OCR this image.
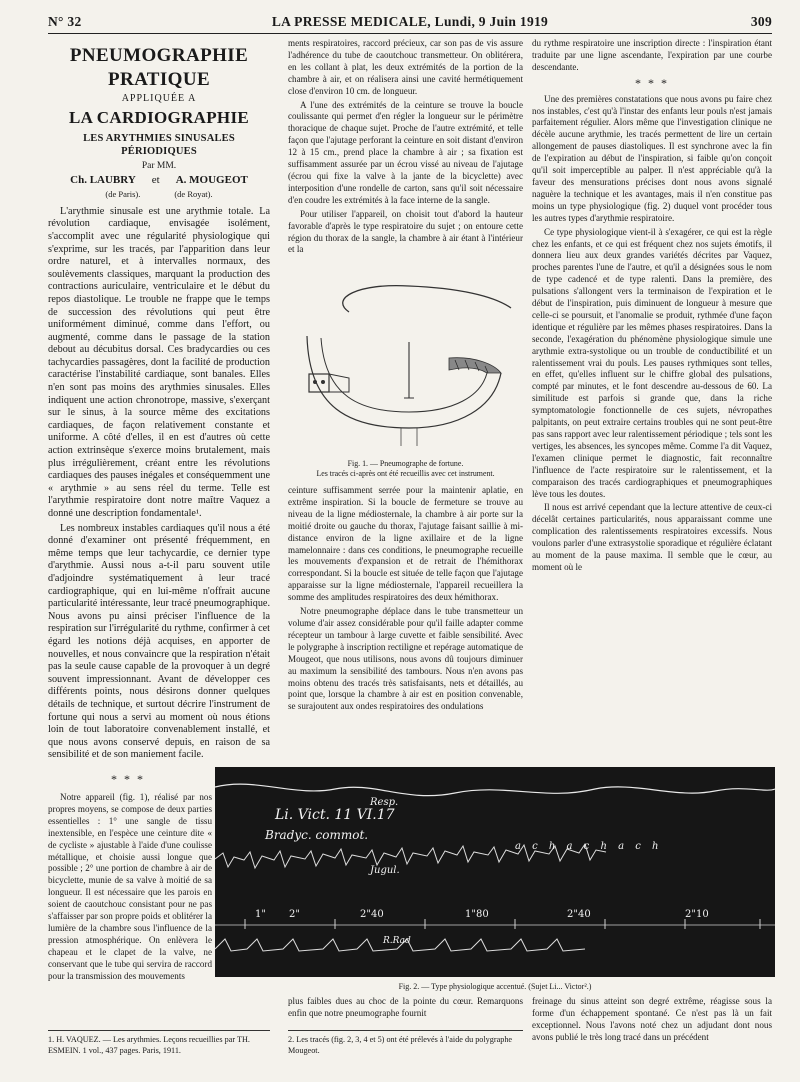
N° 32	LA PRESSE MEDICALE, Lundi, 9 Juin 1919	309
PNEUMOGRAPHIE PRATIQUE
APPLIQUÉE A
LA CARDIOGRAPHIE
LES ARYTHMIES SINUSALES PÉRIODIQUES
Par MM.
Ch. LAUBRY et A. MOUGEOT
(de Paris).	(de Royat).

L'arythmie sinusale est une arythmie totale. La révolution cardiaque, envisagée isolément, s'accomplit avec une régularité physiologique qui s'exprime, sur les tracés, par l'apparition dans leur ordre naturel, et à intervalles normaux, des soulèvements classiques, marquant la production des contractions auriculaire, ventriculaire et le début du repos diastolique. Le trouble ne frappe que le temps de succession des révolutions qui peut être uniformément diminué, comme dans l'effort, ou augmenté, comme dans le passage de la station debout au décubitus dorsal. Ces bradycardies ou ces tachycardies passagères, dont la facilité de production caractérise l'instabilité cardiaque, sont banales. Elles n'en sont pas moins des arythmies sinusales. Elles indiquent une action chronotrope, massive, s'exerçant sur le sinus, à la source même des excitations cardiaques, de façon relativement constante et uniforme. A côté d'elles, il en est d'autres où cette action extrinsèque s'exerce moins brutalement, mais plus irrégulièrement, créant entre les révolutions cardiaques des pauses inégales et conséquemment une « arythmie » au sens réel du terme. Telle est l'arythmie respiratoire dont notre maître Vaquez a donné une description fondamentale¹.

Les nombreux instables cardiaques qu'il nous a été donné d'examiner ont présenté fréquemment, en même temps que leur tachycardie, ce dernier type d'arythmie. Aussi nous a-t-il paru souvent utile d'adjoindre systématiquement à leur tracé cardiographique, qui en lui-même n'offrait aucune particularité intéressante, leur tracé pneumographique. Nous avons pu ainsi préciser l'influence de la respiration sur l'irrégularité du rythme, confirmer à cet égard les notions déjà acquises, en apporter de nouvelles, et nous convaincre que la respiration n'était pas la seule cause capable de la provoquer à un degré souvent impressionnant. Avant de développer ces différents points, nous désirons donner quelques détails de technique, et surtout décrire l'instrument de fortune qui nous a servi au moment où nous étions loin de tout laboratoire convenablement installé, et que nous avons conservé depuis, en raison de sa sensibilité et de son maniement facile.

* * *

Notre appareil (fig. 1), réalisé par nos propres moyens, se compose de deux parties essentielles : 1° une sangle de tissu inextensible, en l'espèce une ceinture dite « de cycliste » ajustable à l'aide d'une coulisse métallique, et choisie aussi longue que possible ; 2° une portion de chambre à air de bicyclette, munie de sa valve à moitié de sa longueur. Il est nécessaire que les parois en soient de caoutchouc consistant pour ne pas s'affaisser par son propre poids et oblitérer la lumière de la chambre sous l'influence de la pression atmosphérique. On enlèvera le chapeau et le clapet de la valve, ne conservant que le tube qui servira de raccord pour la transmission des mouvements

ments respiratoires, raccord précieux, car son pas de vis assure l'adhérence du tube de caoutchouc transmetteur. On oblitérera, en les collant à plat, les deux extrémités de la portion de la chambre à air, et on réalisera ainsi une cavité hermétiquement close d'environ 10 cm. de longueur.

A l'une des extrémités de la ceinture se trouve la boucle coulissante qui permet d'en régler la longueur sur le périmètre thoracique de chaque sujet. Proche de l'autre extrémité, et telle façon que l'ajutage perforant la ceinture en soit distant d'environ 12 à 15 cm., prend place la chambre à air ; sa fixation est suffisamment assurée par un écrou vissé au niveau de l'ajutage (écrou qui fixe la valve à la jante de la bicyclette) avec interposition d'une rondelle de carton, sans qu'il soit nécessaire d'en coudre les extrémités à la face interne de la sangle.

Pour utiliser l'appareil, on choisit tout d'abord la hauteur favorable d'après le type respiratoire du sujet ; on entoure cette région du thorax de la sangle, la chambre à air étant à l'intérieur et la

Fig. 1. — Pneumographe de fortune.
Les tracés ci-après ont été recueillis avec cet instrument.

ceinture suffisamment serrée pour la maintenir aplatie, en extrême inspiration. Si la boucle de fermeture se trouve au niveau de la ligne médiosternale, la chambre à air porte sur la moitié droite ou gauche du thorax, l'ajutage faisant saillie à mi-distance environ de la ligne axillaire et de la ligne mamelonnaire : dans ces conditions, le pneumographe recueille les mouvements d'expansion et de retrait de l'hémithorax correspondant. Si la boucle est située de telle façon que l'ajutage apparaisse sur la ligne médiosternale, l'appareil recueillera la somme des amplitudes respiratoires des deux hémithorax.

Notre pneumographe déplace dans le tube transmetteur un volume d'air assez considérable pour qu'il faille adapter comme récepteur un tambour à large cuvette et faible sensibilité. Avec le polygraphe à inscription rectiligne et repérage automatique de Mougeot, que nous utilisons, nous avons dû toujours diminuer au maximum la sensibilité des tambours. Nous n'en avons pas moins obtenu des tracés très satisfaisants, nets et détaillés, au point que, lorsque la chambre à air est en position convenable, se surajoutent aux ondes respiratoires des ondulations

du rythme respiratoire une inscription directe : l'inspiration étant traduite par une ligne ascendante, l'expiration par une courbe descendante.

* * *

Une des premières constatations que nous avons pu faire chez nos instables, c'est qu'à l'instar des enfants leur pouls n'est jamais parfaitement régulier. Alors même que l'investigation clinique ne décèle aucune arythmie, les tracés permettent de lire un certain allongement de pauses diastoliques. Il est synchrone avec la fin de l'expiration au début de l'inspiration, si faible qu'on conçoit qu'il soit imperceptible au palper. Il n'est appréciable qu'à la faveur des mensurations précises dont nous avons signalé naguère la technique et les avantages, mais il n'en constitue pas moins un type physiologique (fig. 2) duquel vont procéder tous les autres types d'arythmie respiratoire.

Ce type physiologique vient-il à s'exagérer, ce qui est la règle chez les enfants, et ce qui est fréquent chez nos sujets émotifs, il donnera lieu aux deux grandes variétés décrites par Vaquez, proches parentes l'une de l'autre, et qu'il a désignées sous le nom de type cadencé et de type ralenti. Dans la première, des pulsations s'allongent vers la terminaison de l'expiration et le début de l'inspiration, puis diminuent de longueur à mesure que celle-ci se poursuit, et l'anomalie se produit, rythmée d'une façon identique et régulière par les mêmes phases respiratoires. Dans la seconde, l'exagération du phénomène physiologique simule une arythmie extra-systolique ou un trouble de conductibilité et un ralentissement vrai du pouls. Les pauses rythmiques sont telles, en effet, qu'elles influent sur le chiffre global des pulsations, compté par minutes, et le font descendre au-dessous de 60. La similitude est parfois si grande que, dans la riche symptomatologie fonctionnelle de ces sujets, névropathes palpitants, on peut extraire certains troubles qui ne sont peut-être pas sans rapport avec leur ralentissement périodique ; tels sont les vertiges, les absences, les syncopes même. Comme l'a dit Vaquez, l'examen clinique permet le diagnostic, fait reconnaître l'influence de l'acte respiratoire sur le ralentissement, et la comparaison des tracés cardiographiques et pneumographiques lève tous les doutes.

Il nous est arrivé cependant que la lecture attentive de ceux-ci décelât certaines particularités, nous apparaissant comme une complication des ralentissements respiratoires excessifs. Nous voulons parler d'une extrasystolie sporadique et régulière éclatant au moment de la pause maxima. Il semble que le cœur, au moment où le

Li. Vict. 11 VI.17
Bradyc. commot.
Resp.
Jugul.
R.Rad
a c h a c h a c h
1" 2"	2"40	1"80	2"40	2"10
Fig. 2. — Type physiologique accentué. (Sujet Li... Victor².)

plus faibles dues au choc de la pointe du cœur. Remarquons enfin que notre pneumographe fournit

freinage du sinus atteint son degré extrême, réagisse sous la forme d'un échappement spontané. Ce n'est pas là un fait exceptionnel. Nous l'avons noté chez un adjudant dont nous avons publié le très long tracé dans un précédent

1. H. VAQUEZ. — Les arythmies. Leçons recueillies par TH. ESMEIN. 1 vol., 437 pages. Paris, 1911.
2. Les tracés (fig. 2, 3, 4 et 5) ont été prélevés à l'aide du polygraphe Mougeot.
